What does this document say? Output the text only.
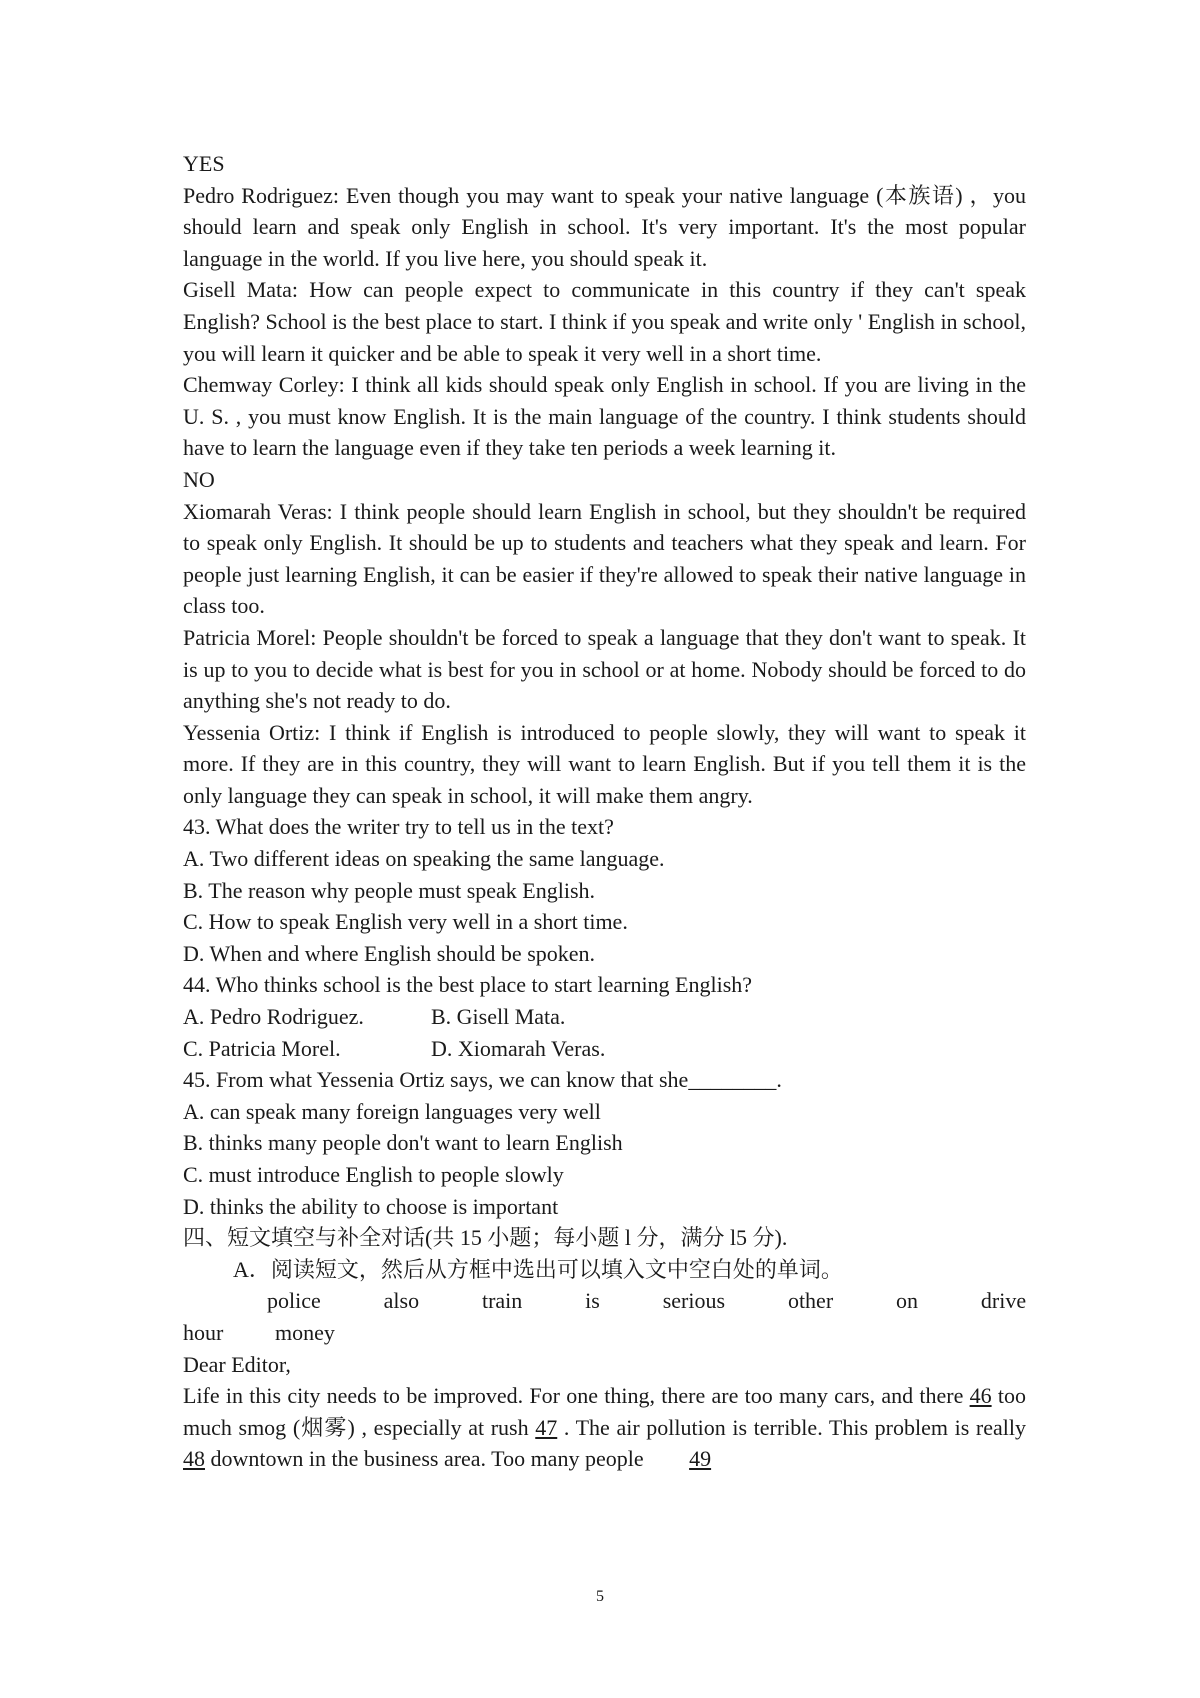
YES

Pedro Rodriguez: Even though you may want to speak your native language (本族语) ，you should learn and speak only English in school. It's very important. It's the most popular language in the world. If you live here, you should speak it.

Gisell Mata: How can people expect to communicate in this country if they can't speak English? School is the best place to start. I think if you speak and write only ' English in school, you will learn it quicker and be able to speak it very well in a short time.

Chemway Corley: I think all kids should speak only English in school. If you are living in the U. S. , you must know English. It is the main language of the country. I think students should have to learn the language even if they take ten periods a week learning it.

NO

Xiomarah Veras: I think people should learn English in school, but they shouldn't be required to speak only English. It should be up to students and teachers what they speak and learn. For people just learning English, it can be easier if they're allowed to speak their native language in class too.

Patricia Morel: People shouldn't be forced to speak a language that they don't want to speak. It is up to you to decide what is best for you in school or at home. Nobody should be forced to do anything she's not ready to do.

Yessenia Ortiz: I think if English is introduced to people slowly, they will want to speak it more. If they are in this country, they will want to learn English. But if you tell them it is the only language they can speak in school, it will make them angry.

43. What does the writer try to tell us in the text?

A. Two different ideas on speaking the same language.

B. The reason why people must speak English.

C. How to speak English very well in a short time.

D. When and where English should be spoken.

44. Who thinks school is the best place to start learning English?

A. Pedro Rodriguez.	B. Gisell Mata.

C. Patricia Morel.	D. Xiomarah Veras.

45. From what Yessenia Ortiz says, we can know that she________.

A. can speak many foreign languages very well

B. thinks many people don't want to learn English

C. must introduce English to people slowly

D. thinks the ability to choose is important

四、短文填空与补全对话(共 15 小题；每小题 l 分，满分 l5 分).

A．阅读短文，然后从方框中选出可以填入文中空白处的单词。

police	also	train	is	serious	other	on	drive

hour money

Dear Editor,

Life in this city needs to be improved. For one thing, there are too many cars, and there 46 too much smog (烟雾) , especially at rush 47 . The air pollution is terrible. This problem is really 48 downtown in the business area. Too many people 49

5
